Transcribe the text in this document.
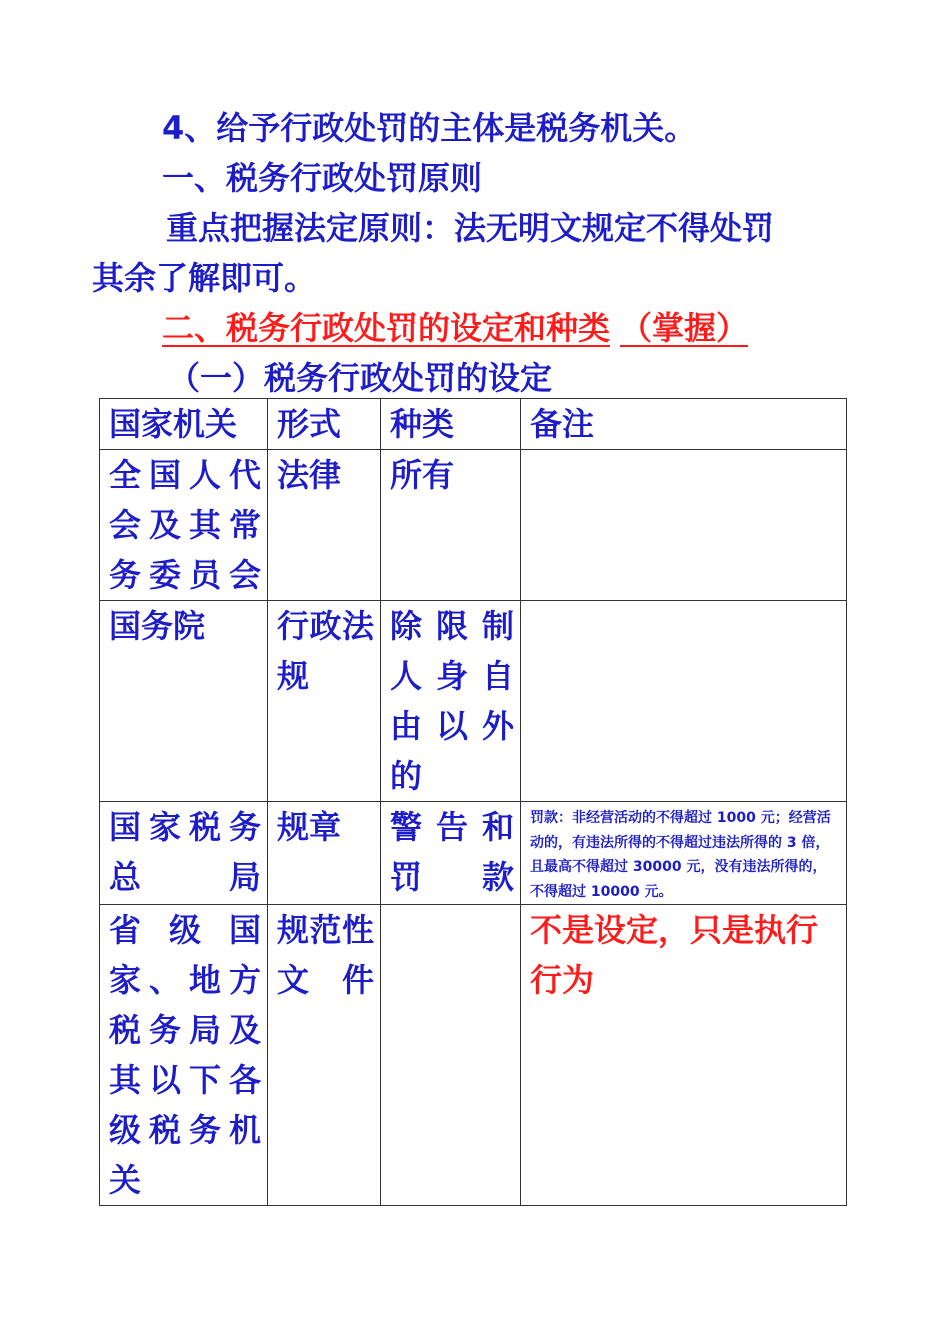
4、给予行政处罚的主体是税务机关。
一、税务行政处罚原则
重点把握法定原则：法无明文规定不得处罚
其余了解即可。
二、税务行政处罚的设定和种类 （掌握）
（一）税务行政处罚的设定
国家机关	形式	种类	备注
全国人代会及其常务委员会	法律	所有	
国务院	行政法规	除限制人身自由以外的	
国家税务总局	规章	警告和罚款	罚款：非经营活动的不得超过 1000 元；经营活动的，有违法所得的不得超过违法所得的 3 倍，且最高不得超过 30000 元，没有违法所得的，不得超过 10000 元。

省级国家、地方税务局及其以下各级税务机关	规范性文件		不是设定，只是执行行为
